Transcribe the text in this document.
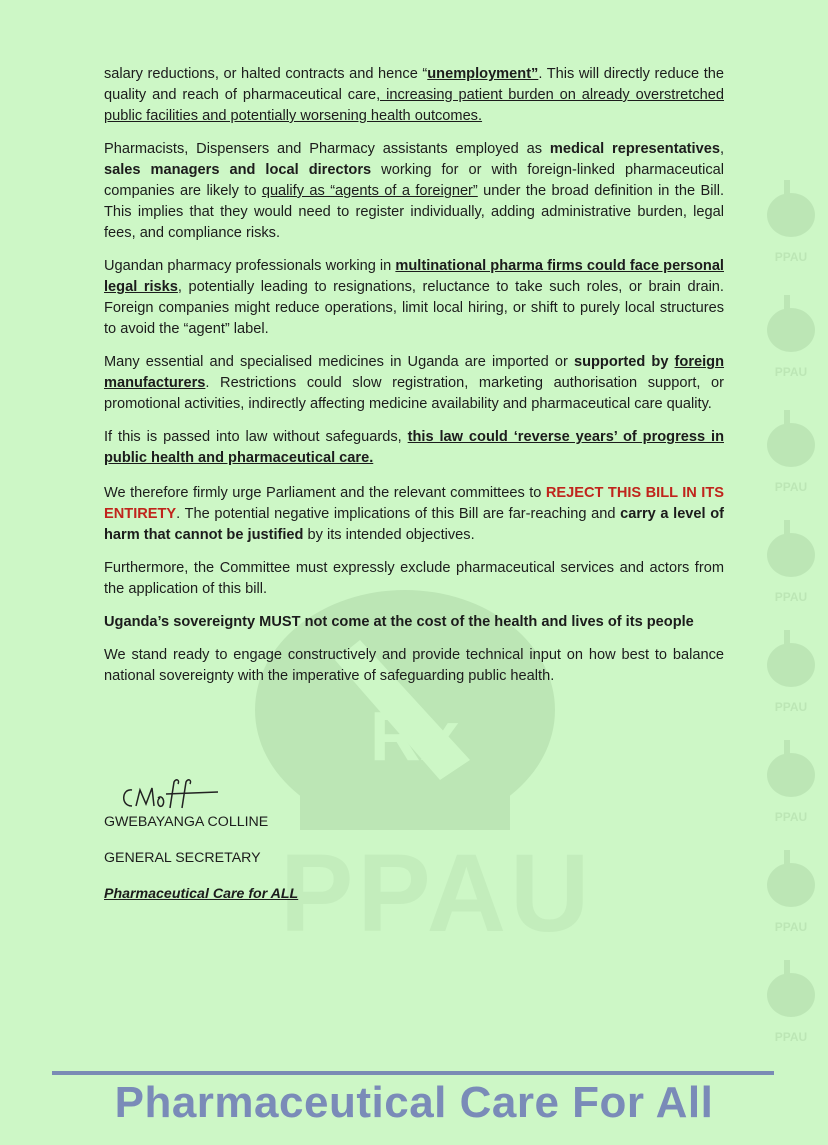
Rx
PPAU
PPAU
PPAU
PPAU
PPAU
PPAU
PPAU
PPAU
PPAU

salary reductions, or halted contracts and hence “unemployment”. This will directly reduce the quality and reach of pharmaceutical care, increasing patient burden on already overstretched public facilities and potentially worsening health outcomes.

Pharmacists, Dispensers and Pharmacy assistants employed as medical representatives, sales managers and local directors working for or with foreign-linked pharmaceutical companies are likely to qualify as “agents of a foreigner” under the broad definition in the Bill. This implies that they would need to register individually, adding administrative burden, legal fees, and compliance risks.

Ugandan pharmacy professionals working in multinational pharma firms could face personal legal risks, potentially leading to resignations, reluctance to take such roles, or brain drain. Foreign companies might reduce operations, limit local hiring, or shift to purely local structures to avoid the “agent” label.

Many essential and specialised medicines in Uganda are imported or supported by foreign manufacturers. Restrictions could slow registration, marketing authorisation support, or promotional activities, indirectly affecting medicine availability and pharmaceutical care quality.

If this is passed into law without safeguards, this law could ‘reverse years’ of progress in public health and pharmaceutical care.

We therefore firmly urge Parliament and the relevant committees to REJECT THIS BILL IN ITS ENTIRETY. The potential negative implications of this Bill are far-reaching and carry a level of harm that cannot be justified by its intended objectives.

Furthermore, the Committee must expressly exclude pharmaceutical services and actors from the application of this bill.

Uganda’s sovereignty MUST not come at the cost of the health and lives of its people

We stand ready to engage constructively and provide technical input on how best to balance national sovereignty with the imperative of safeguarding public health.

GWEBAYANGA COLLINE
GENERAL SECRETARY
Pharmaceutical Care for ALL
Pharmaceutical Care For All
